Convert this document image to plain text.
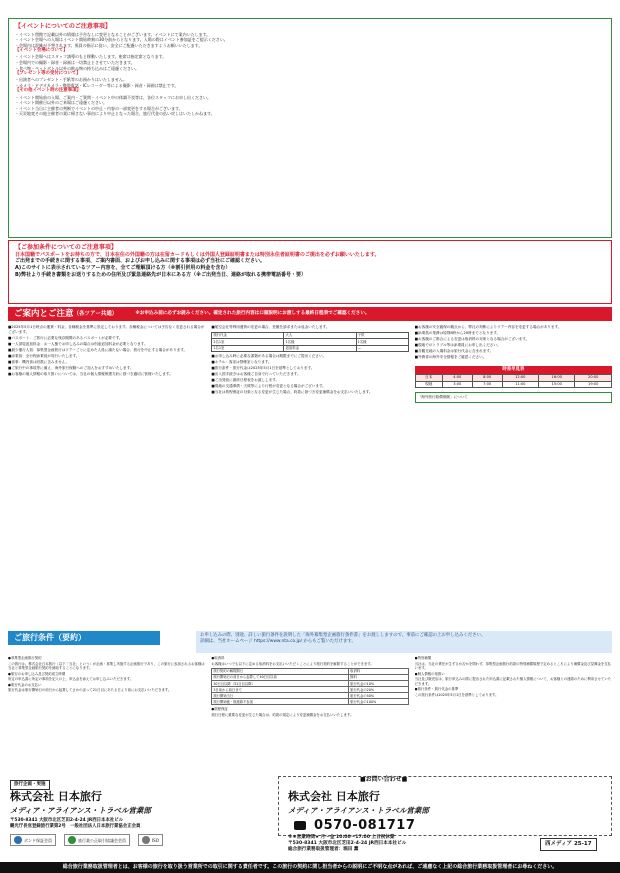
【イベントについてのご注意事項】
・イベント閉館で記載以外の情報は予告なしに変更となることがございます。イベントにて案内いたします。
・イベント会場への入場はイベント開始時刻の30分前からとなります。入場の際はイベント参加証をご提示ください。
・会場内は混雑が予想されます。係員の指示に従い、安全にご配慮いただきますようお願いいたします。
【イベント会場について】
・イベント会場へはスタッフ誘導のもと移動いたします。座席は指定席となります。
・会場内での撮影・録音・録画は一切禁止とさせていただきます。
・食べ物・ペットボトル以外の飲み物の持ち込みはご遠慮ください。
【プレゼント等の受付について】
・出演者へのプレゼント・手紙等のお預かりはいたしません。
・カメラ・ビデオカメラ・携帯電話・ICレコーダー等による撮影・録音・録画は禁止です。
【その他イベント時の注意事項】
・イベント開始前の入場、ご案内・ご質問・イベント中の体調不良等は、各位スタッフにお申し出ください。
・イベント開催日以外のご来場はご遠慮ください。
・イベント当日に主催者の判断でイベントの中止・内容の一部変更をする場合がございます。
・天災地変その他主催者の責に帰さない事由により中止となった場合、旅行代金の払い戻しはいたしかねます。
【ご参加条件についてのご注意事項】
日本国籍でパスポートをお持ちの方で、日本在住の外国籍の方は在留カードもしくは外国人登録証明書または特別永住者証明書のご提出を必ずお願いいたします。
ご出発までの手続きに関する事項、ご案内書面、およびお申し込みに関する事項は必ず当社にご確認ください。
A)このサイトに表示されているツアー内容を、全てご理解頂ける方（※割引併用の料金を含む）
B)弊社より手続き書類をお送りするための住所及び緊急連絡先が日本にある方（※ご出発当日、連絡が取れる携帯電話番号・要）
ご案内とご注意 （各ツアー共通）	※お申込み前に必ずお読みください。確定された旅行内容は口頭説明にお渡しする最終日程表でご確認ください。

■2025年5月1日時点の運賃・料金、各種税金を基準に設定しております。各種税金については予告なく変更される場合がございます。

■パスポート：ご旅行に必要な残存期間のあるパスポートが必要です。

■一人部屋追加料金：お一人様でお申し込みの場合は別途追加料金が必要となります。

■最少催行人員：募集型企画旅行はツアーごとに定めた人員に満たない場合、旅行を中止する場合があります。

■添乗員：全行程添乗員が同行いたします。

■食事：機内食は回数に含みません。

■ご旅行中の事故等に備え、海外旅行保険へのご加入をおすすめいたします。

■お客様の個人情報の取り扱いについては、当社の個人情報保護方針に基づき適切に管理いたします。

■航空会社等利用運賃の変更の場合、差額を請求または返金いたします。

旅行代金	大人	子供
2名1室	1名様	1名様
1名1室	追加料金	—

■お申し込み時に必要な書類がある場合は期限までにご提出ください。

■ホテル：客室は禁煙室となります。

■旅行条件・旅行代金は2025年5月1日を基準としております。

■出入国手続きはお客様ご自身で行っていただきます。

■ご出発前に最終日程表をお渡しします。

■現地の交通事情・天候等により行程が変更となる場合がございます。

■当社は旅程保証の対象となる変更が生じた場合、約款に基づき変更補償金をお支払いいたします。

■お客様の安全確保の観点から、弊社の判断によりツアー内容を変更する場合があります。

■添乗員の業務は原則8時から20時までとなります。

■お客様のご都合による変更は取消料の対象となる場合がございます。

■現地でのトラブル等は添乗員にお申し出ください。

■各観光地の入場料金は旅行代金に含まれます。

■外務省の海外安全情報をご確認ください。

時差早見表
日本	4:00	8:00	12:00	16:00	20:00
現地	3:00	7:00	11:00	15:00	19:00
「海外旅行賠償保険」について
ご旅行条件（要約）	お申し込みの際、別途、詳しい旅行条件を説明した「海外募集型企画旅行条件書」をお渡ししますので、事前にご確認の上お申し込みください。
詳細は、当社ホームページ https://www.nta.co.jp/ からもご覧いただけます。

●募集型企画旅行契約

この旅行は、株式会社日本旅行（以下「当社」という）が企画・募集し実施する企画旅行であり、この旅行に参加されるお客様は当社と募集型企画旅行契約を締結することになります。

●旅行のお申し込み及び契約成立時期

所定の申込書に所定の事項を記入の上、申込金を添えてお申し込みいただきます。

●旅行代金のお支払い

旅行代金は旅行開始日の前日から起算してさかのぼって21日目にあたる日より前にお支払いいただきます。

●取消料

お客様はいつでも以下に定める取消料をお支払いいただくことにより旅行契約を解除することができます。

旅行契約の解除期日	取消料
旅行開始日の前日から起算して40日目以前	無料
30日目以降（31日目以降）	旅行代金の10%
3日前から前日まで	旅行代金の20%
旅行開始当日	旅行代金の50%
旅行開始後・無連絡不参加	旅行代金の100%

●旅程保証

旅行日程に重要な変更が生じた場合は、約款の規定により変更補償金をお支払いいたします。

●特別補償

当社は、当社の責任が生ずるか否かを問わず、募集型企画旅行約款の特別補償規程で定めるところにより補償金及び見舞金を支払います。

●個人情報の取扱い

当社及び販売店は、旅行申込みの際に提出された申込書に記載された個人情報について、お客様との連絡のために利用させていただきます。

●旅行条件・旅行代金の基準

この旅行条件は2025年5月1日を基準としております。

旅行企画・実施
株式会社 日本旅行
メディア・アライアンス・トラベル営業部
〒530-8341 大阪市北区芝田2-4-24 JR西日本本社ビル
観光庁長官登録旅行業第2号　一般社団法人日本旅行業協会正会員
ボンド保証会員	旅行業公正取引協議会会員	ISO
■お問い合わせ■
株式会社 日本旅行
メディア・アライアンス・トラベル営業部
0570-081717
※★営業時間★ 月〜金 10:00〜17:00 土日祝休業
〒530-8341 大阪市北区芝田2-4-24 JR西日本本社ビル
総合旅行業務取扱管理者：堀田 薫
西メディア 25-17
総合旅行業務取扱管理者とは、お客様の旅行を取り扱う営業所での取引に関する責任者です。この旅行の契約に関し担当者からの説明にご不明な点があれば、ご遠慮なく上記の総合旅行業務取扱管理者にお尋ねください。
